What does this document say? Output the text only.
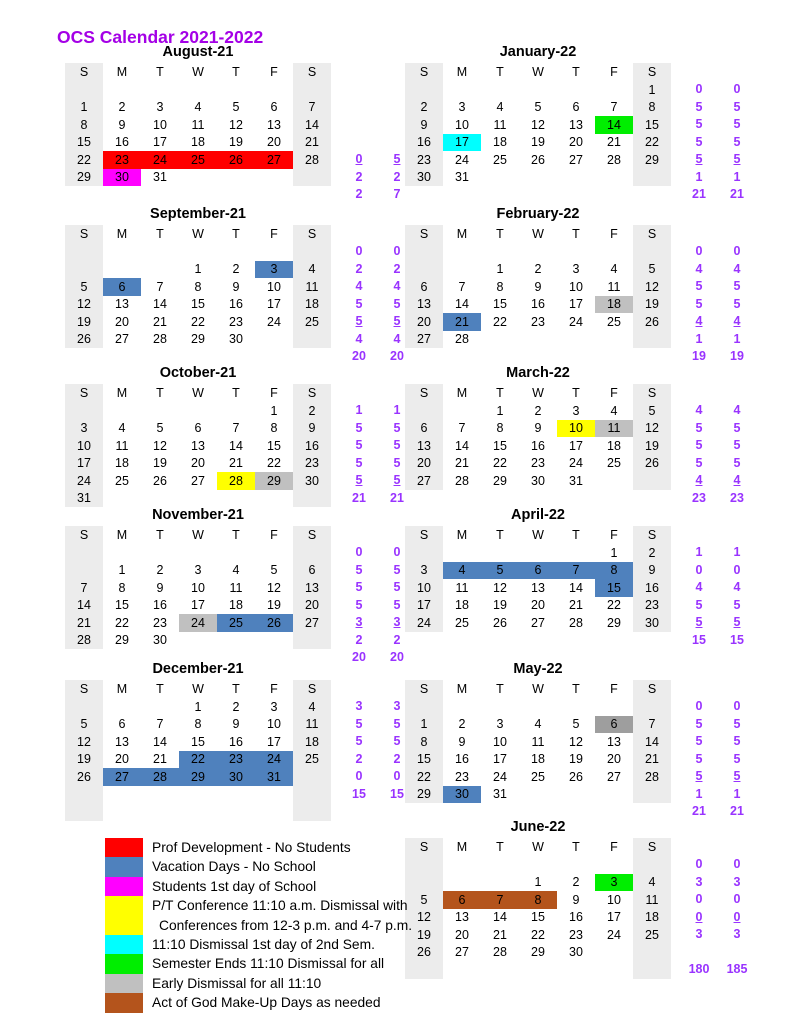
OCS Calendar 2021-2022
August-21
S	M	T	W	T	F	S

1	2	3	4	5	6	7
8	9	10	11	12	13	14
15	16	17	18	19	20	21
22	23	24	25	26	27	28
29	30	31				
0 5
2 2
2 7
September-21
S	M	T	W	T	F	S

			1	2	3	4
5	6	7	8	9	10	11
12	13	14	15	16	17	18
19	20	21	22	23	24	25
26	27	28	29	30		
0 0
2 2
4 4
5 5
5 5
4 4
20 20
October-21
S	M	T	W	T	F	S
					1	2
3	4	5	6	7	8	9
10	11	12	13	14	15	16
17	18	19	20	21	22	23
24	25	26	27	28	29	30
31						
1 1
5 5
5 5
5 5
5 5
21 21
November-21
S	M	T	W	T	F	S

	1	2	3	4	5	6
7	8	9	10	11	12	13
14	15	16	17	18	19	20
21	22	23	24	25	26	27
28	29	30				
0 0
5 5
5 5
5 5
3 3
2 2
20 20
December-21
S	M	T	W	T	F	S
			1	2	3	4
5	6	7	8	9	10	11
12	13	14	15	16	17	18
19	20	21	22	23	24	25
26	27	28	29	30	31	

3 3
5 5
5 5
2 2
0 0
15 15
January-22
S	M	T	W	T	F	S
						1
2	3	4	5	6	7	8
9	10	11	12	13	14	15
16	17	18	19	20	21	22
23	24	25	26	27	28	29
30	31					
0 0
5 5
5 5
5 5
5 5
1 1
21 21
February-22
S	M	T	W	T	F	S

		1	2	3	4	5
6	7	8	9	10	11	12
13	14	15	16	17	18	19
20	21	22	23	24	25	26
27	28					
0 0
4 4
5 5
5 5
4 4
1 1
19 19
March-22
S	M	T	W	T	F	S
		1	2	3	4	5
6	7	8	9	10	11	12
13	14	15	16	17	18	19
20	21	22	23	24	25	26
27	28	29	30	31		
4 4
5 5
5 5
5 5
4 4
23 23
April-22
S	M	T	W	T	F	S
					1	2
3	4	5	6	7	8	9
10	11	12	13	14	15	16
17	18	19	20	21	22	23
24	25	26	27	28	29	30
1 1
0 0
4 4
5 5
5 5
15 15
May-22
S	M	T	W	T	F	S

1	2	3	4	5	6	7
8	9	10	11	12	13	14
15	16	17	18	19	20	21
22	23	24	25	26	27	28
29	30	31				
0 0
5 5
5 5
5 5
5 5
1 1
21 21
June-22
S	M	T	W	T	F	S

			1	2	3	4
5	6	7	8	9	10	11
12	13	14	15	16	17	18
19	20	21	22	23	24	25
26	27	28	29	30		

0 0
3 3
0 0
0 0
3 3
180 185
Prof Development - No Students
Vacation Days - No School
Students 1st day of School
P/T Conference 11:10 a.m. Dismissal with
Conferences from 12-3 p.m. and 4-7 p.m.
11:10 Dismissal 1st day of 2nd Sem.
Semester Ends 11:10 Dismissal for all
Early Dismissal for all 11:10
Act of God Make-Up Days as needed
